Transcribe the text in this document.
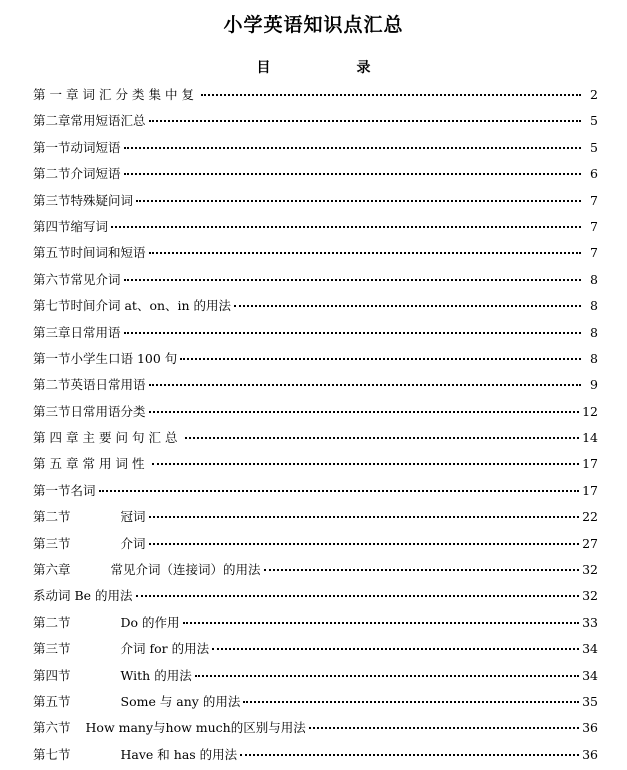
小学英语知识点汇总
目录
第一章词汇分类集中复	2
第二章常用短语汇总	5
第一节动词短语	5
第二节介词短语	6
第三节特殊疑问词	7
第四节缩写词	7
第五节时间词和短语	7
第六节常见介词	8
第七节时间介词 at、on、in 的用法	8
第三章日常用语	8
第一节小学生口语 100 句	8
第二节英语日常用语	9
第三节日常用语分类	12
第四章主要问句汇总	14
第五章常用词性	17
第一节名词	17
第二节	冠词	22
第三节	介词	27
第六章	常见介词（连接词）的用法	32
系动词 Be 的用法	32
第二节	Do 的作用	33
第三节	介词 for 的用法	34
第四节	With 的用法	34
第五节	Some 与 any 的用法	35
第六节 How many与how much的区别与用法	36
第七节	Have 和 has 的用法	36
